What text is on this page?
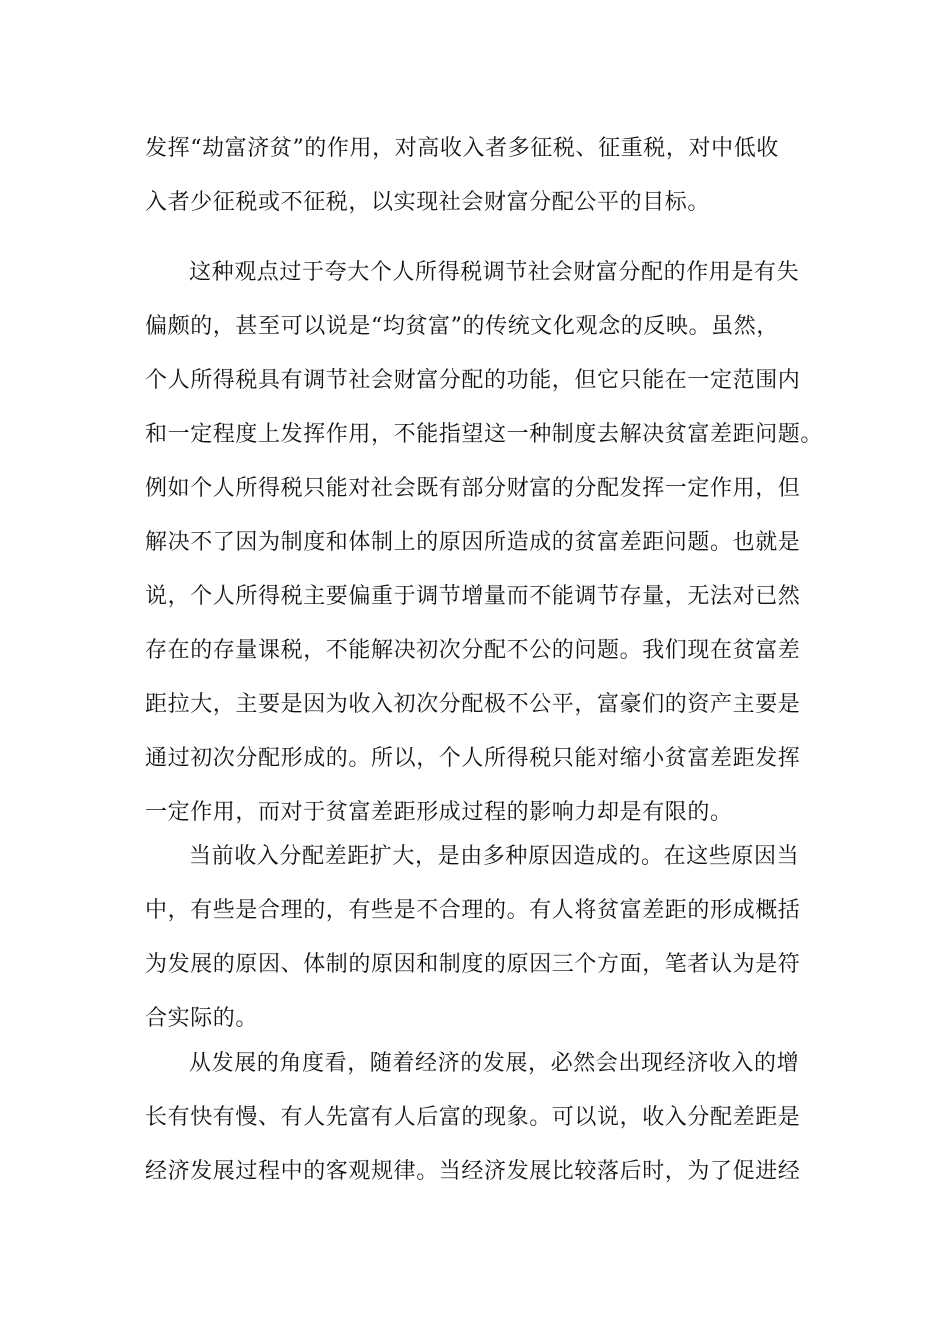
发挥“劫富济贫”的作用，对高收入者多征税、征重税，对中低收
入者少征税或不征税，以实现社会财富分配公平的目标。
这种观点过于夸大个人所得税调节社会财富分配的作用是有失
偏颇的，甚至可以说是“均贫富”的传统文化观念的反映。虽然，
个人所得税具有调节社会财富分配的功能，但它只能在一定范围内
和一定程度上发挥作用，不能指望这一种制度去解决贫富差距问题。
例如个人所得税只能对社会既有部分财富的分配发挥一定作用，但
解决不了因为制度和体制上的原因所造成的贫富差距问题。也就是
说，个人所得税主要偏重于调节增量而不能调节存量，无法对已然
存在的存量课税，不能解决初次分配不公的问题。我们现在贫富差
距拉大，主要是因为收入初次分配极不公平，富豪们的资产主要是
通过初次分配形成的。所以，个人所得税只能对缩小贫富差距发挥
一定作用，而对于贫富差距形成过程的影响力却是有限的。
当前收入分配差距扩大，是由多种原因造成的。在这些原因当
中，有些是合理的，有些是不合理的。有人将贫富差距的形成概括
为发展的原因、体制的原因和制度的原因三个方面，笔者认为是符
合实际的。
从发展的角度看，随着经济的发展，必然会出现经济收入的增
长有快有慢、有人先富有人后富的现象。可以说，收入分配差距是
经济发展过程中的客观规律。当经济发展比较落后时，为了促进经
